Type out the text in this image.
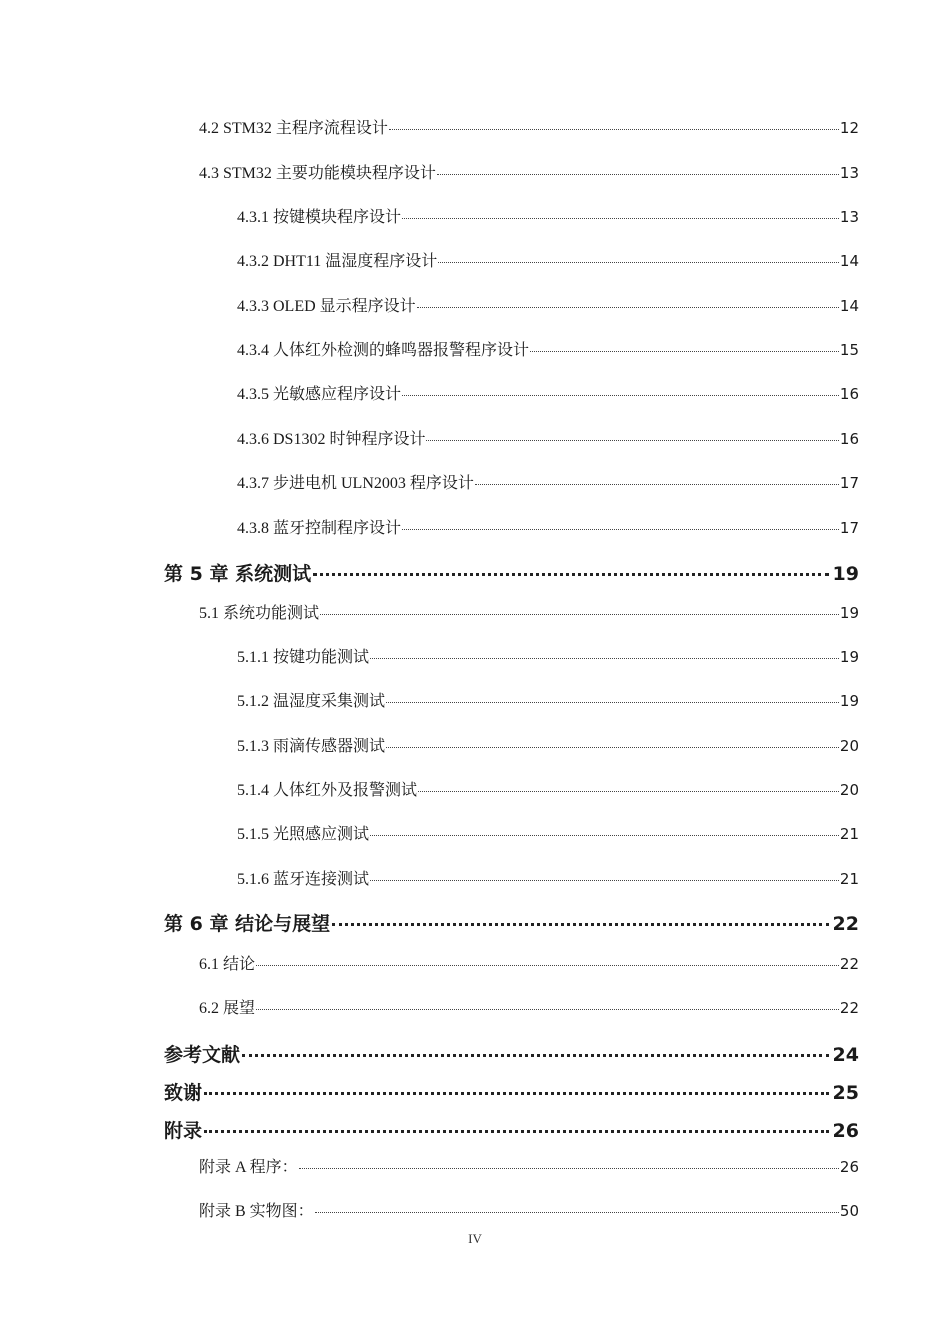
4.2 STM32 主程序流程设计	12
4.3 STM32 主要功能模块程序设计	13
4.3.1 按键模块程序设计	13
4.3.2 DHT11 温湿度程序设计	14
4.3.3 OLED 显示程序设计	14
4.3.4 人体红外检测的蜂鸣器报警程序设计	15
4.3.5 光敏感应程序设计	16
4.3.6 DS1302 时钟程序设计	16
4.3.7 步进电机 ULN2003 程序设计	17
4.3.8 蓝牙控制程序设计	17
第 5 章 系统测试	19
5.1 系统功能测试	19
5.1.1 按键功能测试	19
5.1.2 温湿度采集测试	19
5.1.3 雨滴传感器测试	20
5.1.4 人体红外及报警测试	20
5.1.5 光照感应测试	21
5.1.6 蓝牙连接测试	21
第 6 章 结论与展望	22
6.1 结论	22
6.2 展望	22
参考文献	24
致谢	25
附录	26
附录 A 程序：	26
附录 B 实物图：	50
IV
